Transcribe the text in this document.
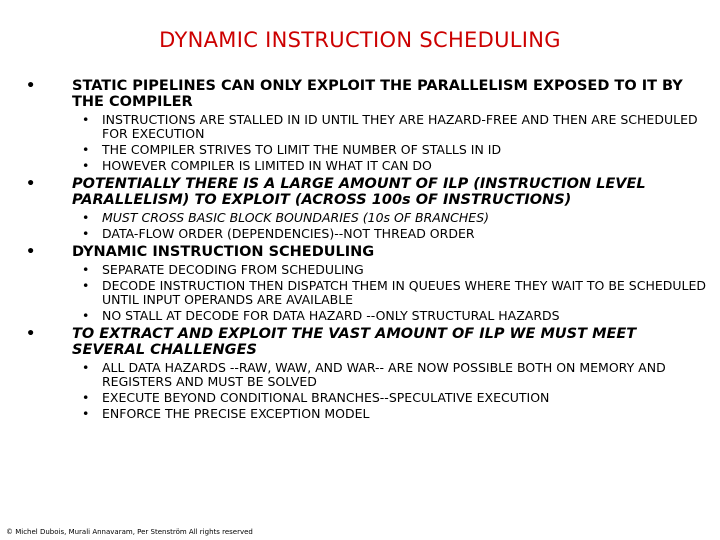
DYNAMIC INSTRUCTION SCHEDULING
•	STATIC PIPELINES CAN ONLY EXPLOIT THE PARALLELISM EXPOSED TO IT BY THE COMPILER
• INSTRUCTIONS ARE STALLED IN ID UNTIL THEY ARE HAZARD-FREE AND THEN ARE SCHEDULED FOR EXECUTION
• THE COMPILER STRIVES TO LIMIT THE NUMBER OF STALLS IN ID
• HOWEVER COMPILER IS LIMITED IN WHAT IT CAN DO
•	POTENTIALLY THERE IS A LARGE AMOUNT OF ILP (INSTRUCTION LEVEL PARALLELISM) TO EXPLOIT (ACROSS 100s OF INSTRUCTIONS)
• MUST CROSS BASIC BLOCK BOUNDARIES (10s OF BRANCHES)
• DATA-FLOW ORDER (DEPENDENCIES)--NOT THREAD ORDER
•	DYNAMIC INSTRUCTION SCHEDULING
• SEPARATE DECODING FROM SCHEDULING
• DECODE INSTRUCTION THEN DISPATCH THEM IN QUEUES WHERE THEY WAIT TO BE SCHEDULED UNTIL INPUT OPERANDS ARE AVAILABLE
• NO STALL AT DECODE FOR DATA HAZARD --ONLY STRUCTURAL HAZARDS
•	TO EXTRACT AND EXPLOIT THE VAST AMOUNT OF ILP WE MUST MEET SEVERAL CHALLENGES
• ALL DATA HAZARDS --RAW, WAW, AND WAR-- ARE NOW POSSIBLE BOTH ON MEMORY AND REGISTERS AND MUST BE SOLVED
• EXECUTE BEYOND CONDITIONAL BRANCHES--SPECULATIVE EXECUTION
• ENFORCE THE PRECISE EXCEPTION MODEL
© Michel Dubois, Murali Annavaram, Per Stenström All rights reserved
